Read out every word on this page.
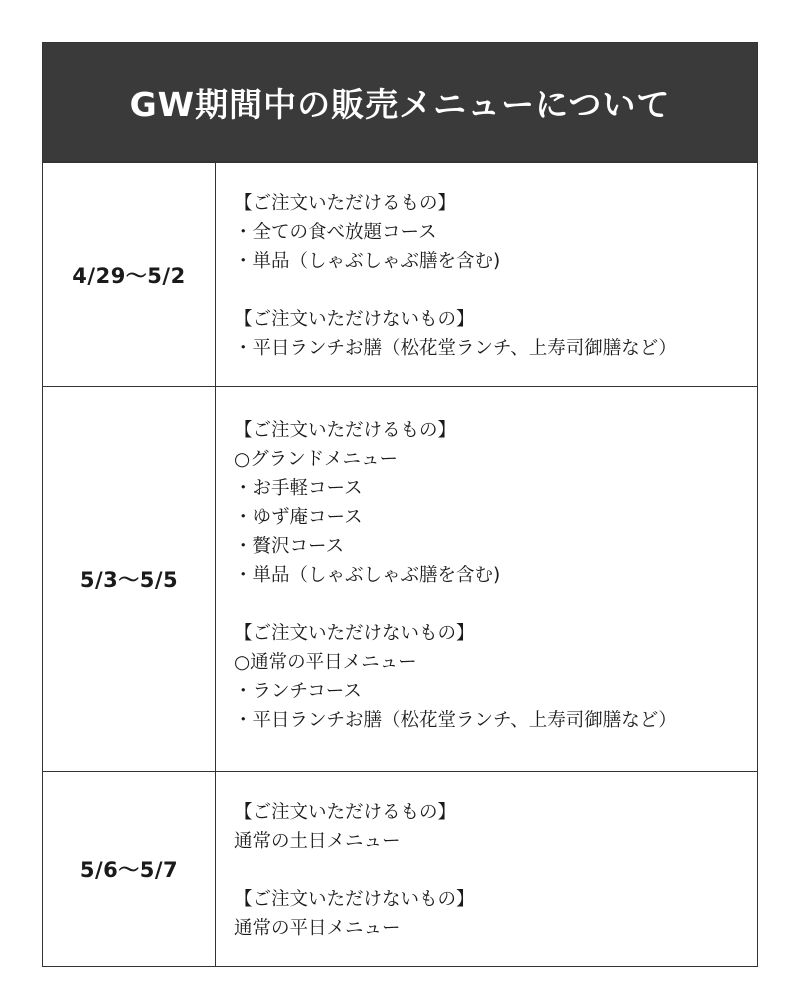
GW期間中の販売メニューについて
4/29〜5/2
【ご注文いただけるもの】
・全ての食べ放題コース
・単品（しゃぶしゃぶ膳を含む)
【ご注文いただけないもの】
・平日ランチお膳（松花堂ランチ、上寿司御膳など）
5/3〜5/5
【ご注文いただけるもの】
○グランドメニュー
・お手軽コース
・ゆず庵コース
・贅沢コース
・単品（しゃぶしゃぶ膳を含む)
【ご注文いただけないもの】
○通常の平日メニュー
・ランチコース
・平日ランチお膳（松花堂ランチ、上寿司御膳など）
5/6〜5/7
【ご注文いただけるもの】
通常の土日メニュー
【ご注文いただけないもの】
通常の平日メニュー
